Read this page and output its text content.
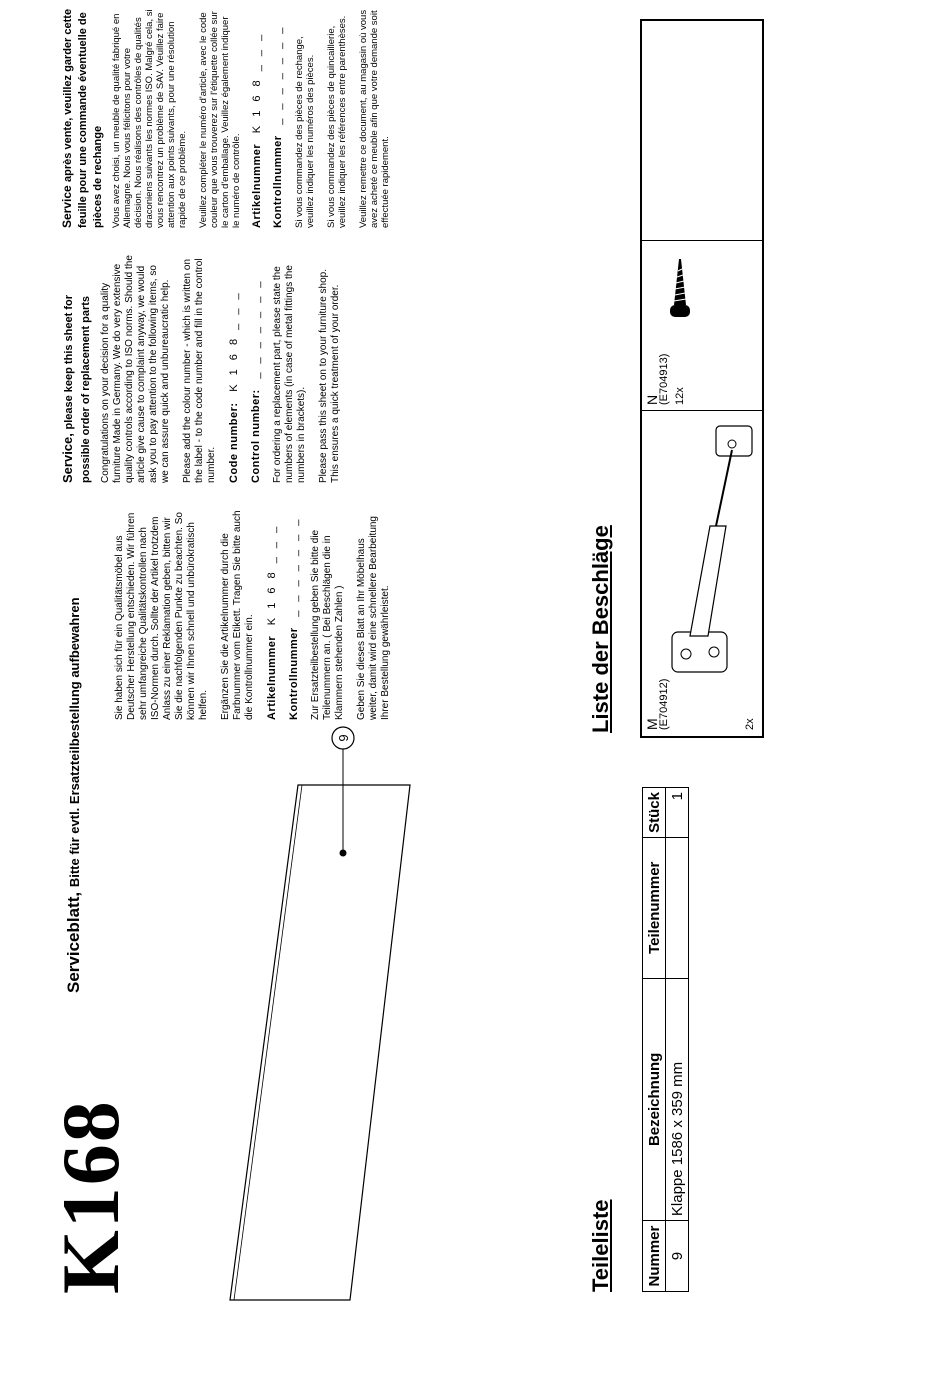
K168
Serviceblatt, Bitte für evtl. Ersatzteilbestellung aufbewahren	9

Sie haben sich für ein Qualitätsmöbel aus Deutscher Herstellung entschieden. Wir führen sehr umfangreiche Qualitätskontrollen nach ISO-Normen durch. Sollte der Artikel trotzdem Anlass zu einer Reklamation geben, bitten wir Sie die nachfolgenden Punkte zu beachten. So können wir Ihnen schnell und unbürokratisch helfen. Ergänzen Sie die Artikelnummer durch die Farbnummer vom Etikett. Tragen Sie bitte auch die Kontrollnummer ein. Artikelnummer   K 1 6 8 _ _ _
Kontrollnummer   _ _ _ _ _ _ _ Zur Ersatzteilbestellung geben Sie bitte die Teilenummern an. ( Bei Beschlägen die in Klammern stehenden Zahlen ) Geben Sie dieses Blatt an Ihr Möbelhaus weiter, damit wird eine schnellere Bearbeitung Ihrer Bestellung gewährleistet.

Service, please keep this sheet for possible order of replacement parts Congratulations on your decision for a quality furniture Made in Germany. We do very extensive quality controls according to ISO norms. Should the article give cause to complaint anyway, we would ask you to pay attention to the following items, so we can assure quick and unbureaucratic help. Please add the colour number - which is written on the label - to the code number and fill in the control number. Code number:   K 1 6 8 _ _ _
Control number:   _ _ _ _ _ _ _ For ordering a replacement part, please state the numbers of elements (in case of metal fittings the numbers in brackets). Please pass this sheet on to your furniture shop. This ensures a quick treatment of your order.

Service après vente, veuillez garder cette feuille pour une commande éventuelle de pièces de rechange Vous avez choisi, un meuble de qualité fabriqué en Allemagne. Nous vous félicitons pour votre décision. Nous réalisons des contrôles de qualités draconiens suivants les normes ISO. Malgré cela, si vous rencontrez un problème de SAV. Veuillez faire attention aux points suivants, pour une résolution rapide de ce problème. Veuillez compléter le numéro d'article, avec le code couleur que vous trouverez sur l'étiquette collée sur le carton d'emballage. Veuillez également indiquer le numéro de contrôle. Artikelnummer   K 1 6 8 _ _ _
Kontrollnummer   _ _ _ _ _ _ _ Si vous commandez des pièces de rechange, veuillez indiquer les numéros des pièces. Si vous commandez des pièces de quincaillerie, veuillez indiquer les références entre parenthèses. Veuillez remettre ce document, au magasin où vous avez acheté ce meuble afin que votre demande soit effectuée rapidement.

Teileliste Nummer	Bezeichnung	Teilenummer	Stück
9	Klappe 1586 x 359 mm		1
Liste der Beschläge M
(E704912)	2x
N
(E704913) 12x
